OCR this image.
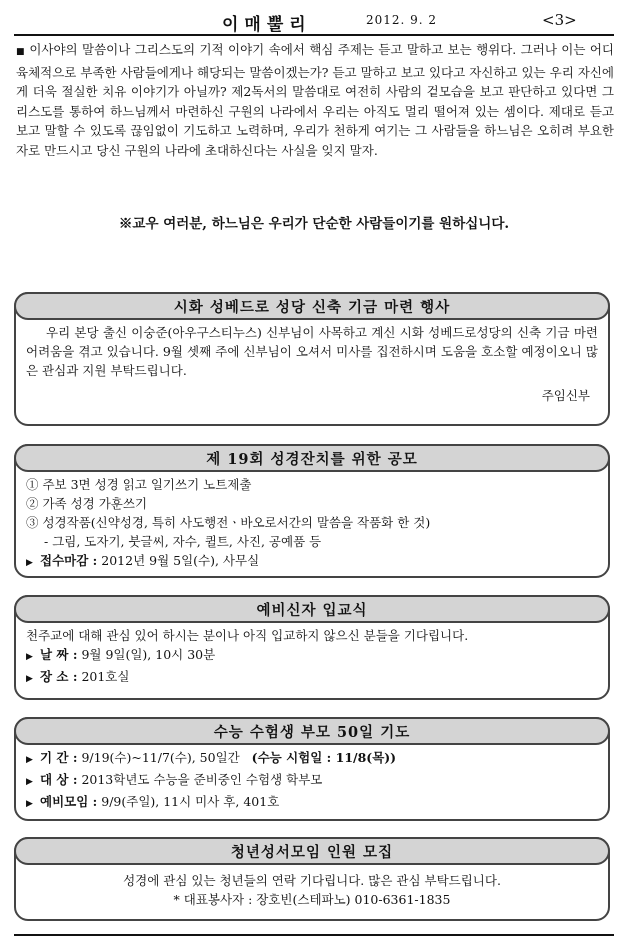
이매뿔리	2012. 9. 2	<3>
■ 이사야의 말씀이나 그리스도의 기적 이야기 속에서 핵심 주제는 듣고 말하고 보는 행위다. 그러나 이는 어디 육체적으로 부족한 사람들에게나 해당되는 말씀이겠는가? 듣고 말하고 보고 있다고 자신하고 있는 우리 자신에게 더욱 절실한 치유 이야기가 아닐까? 제2독서의 말씀대로 여전히 사람의 겉모습을 보고 판단하고 있다면 그리스도를 통하여 하느님께서 마련하신 구원의 나라에서 우리는 아직도 멀리 떨어져 있는 셈이다. 제대로 듣고 보고 말할 수 있도록 끊임없이 기도하고 노력하며, 우리가 천하게 여기는 그 사람들을 하느님은 오히려 부요한 자로 만드시고 당신 구원의 나라에 초대하신다는 사실을 잊지 말자.
※교우 여러분, 하느님은 우리가 단순한 사람들이기를 원하십니다.
시화 성베드로 성당 신축 기금 마련 행사
우리 본당 출신 이숭준(아우구스티누스) 신부님이 사목하고 계신 시화 성베드로성당의 신축 기금 마련 어려움을 겪고 있습니다. 9월 셋째 주에 신부님이 오셔서 미사를 집전하시며 도움을 호소할 예정이오니 많은 관심과 지원 부탁드립니다.
주임신부
제 19회 성경잔치를 위한 공모
① 주보 3면 성경 읽고 일기쓰기 노트제출
② 가족 성경 가훈쓰기
③ 성경작품(신약성경, 특히 사도행전ㆍ바오로서간의 말씀을 작품화 한 것)
- 그림, 도자기, 붓글씨, 자수, 퀼트, 사진, 공예품 등
▶ 접수마감 : 2012년 9월 5일(수), 사무실
예비신자 입교식
천주교에 대해 관심 있어 하시는 분이나 아직 입교하지 않으신 분들을 기다립니다.
▶ 날 짜 : 9월 9일(일), 10시 30분
▶ 장 소 : 201호실
수능 수험생 부모 50일 기도
▶ 기 간 : 9/19(수)~11/7(수), 50일간 (수능 시험일 : 11/8(목))
▶ 대 상 : 2013학년도 수능을 준비중인 수험생 학부모
▶ 예비모임 : 9/9(주일), 11시 미사 후, 401호
청년성서모임 인원 모집
성경에 관심 있는 청년들의 연락 기다립니다. 많은 관심 부탁드립니다.
* 대표봉사자 : 장호빈(스테파노) 010-6361-1835
